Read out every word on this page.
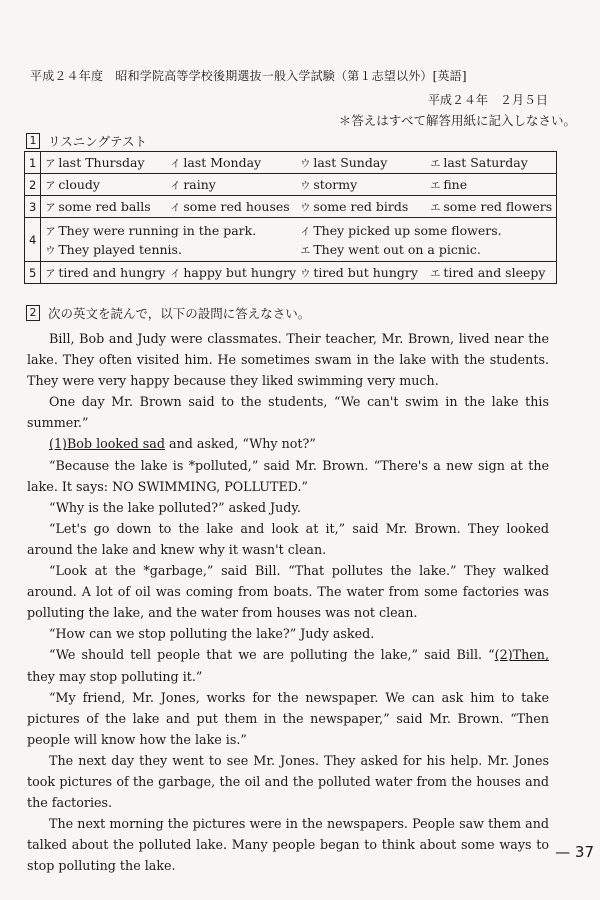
平成２４年度　昭和学院高等学校後期選抜一般入学試験（第１志望以外）[英語]
平成２４年　２月５日
＊答えはすべて解答用紙に記入しなさい。
1 リスニングテスト
1	ア last Thursday イ last Monday ウ last Sunday エ last Saturday

2	ア cloudy イ rainy ウ stormy エ fine

3	ア some red balls イ some red houses ウ some red birds エ some red flowers

4	ア They were running in the park. イ They picked up some flowers.
ウ They played tennis. エ They went out on a picnic.

5	ア tired and hungry イ happy but hungry ウ tired but hungry エ tired and sleepy
2 次の英文を読んで，以下の設問に答えなさい。

Bill, Bob and Judy were classmates. Their teacher, Mr. Brown, lived near the lake. They often visited him. He sometimes swam in the lake with the students. They were very happy because they liked swimming very much.

One day Mr. Brown said to the students, “We can't swim in the lake this summer.”

(1)Bob looked sad and asked, “Why not?”

“Because the lake is *polluted,” said Mr. Brown. “There's a new sign at the lake. It says: NO SWIMMING, POLLUTED.”

“Why is the lake polluted?” asked Judy.

“Let's go down to the lake and look at it,” said Mr. Brown. They looked around the lake and knew why it wasn't clean.

“Look at the *garbage,” said Bill. “That pollutes the lake.” They walked around. A lot of oil was coming from boats. The water from some factories was polluting the lake, and the water from houses was not clean.

“How can we stop polluting the lake?” Judy asked.

“We should tell people that we are polluting the lake,” said Bill. “(2)Then, they may stop polluting it.”

“My friend, Mr. Jones, works for the newspaper. We can ask him to take pictures of the lake and put them in the newspaper,” said Mr. Brown. “Then people will know how the lake is.”

The next day they went to see Mr. Jones. They asked for his help. Mr. Jones took pictures of the garbage, the oil and the polluted water from the houses and the factories.

The next morning the pictures were in the newspapers. People saw them and talked about the polluted lake. Many people began to think about some ways to stop polluting the lake.

— 37
